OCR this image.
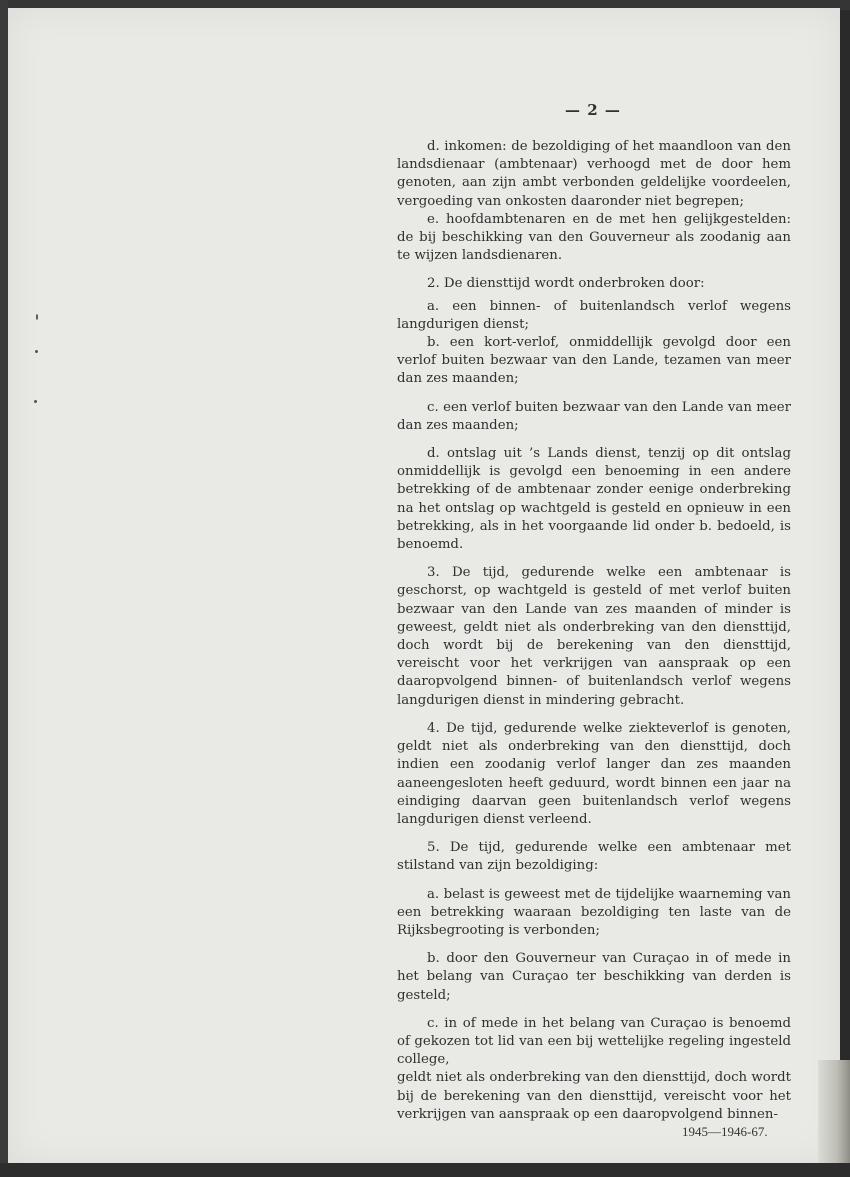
— 2 —

d. inkomen: de bezoldiging of het maandloon van den landsdienaar (ambtenaar) verhoogd met de door hem genoten, aan zijn ambt verbonden geldelijke voordeelen, vergoeding van onkosten daaronder niet begrepen;

e. hoofdambtenaren en de met hen gelijkgestelden: de bij beschikking van den Gouverneur als zoodanig aan te wijzen landsdienaren.

2. De diensttijd wordt onderbroken door:

a. een binnen- of buitenlandsch verlof wegens langdurigen dienst;

b. een kort-verlof, onmiddellijk gevolgd door een verlof buiten bezwaar van den Lande, tezamen van meer dan zes maanden;

c. een verlof buiten bezwaar van den Lande van meer dan zes maanden;

d. ontslag uit ’s Lands dienst, tenzij op dit ontslag onmiddellijk is gevolgd een benoeming in een andere betrekking of de ambtenaar zonder eenige onderbreking na het ontslag op wachtgeld is gesteld en opnieuw in een betrekking, als in het voorgaande lid onder b. bedoeld, is benoemd.

3. De tijd, gedurende welke een ambtenaar is geschorst, op wachtgeld is gesteld of met verlof buiten bezwaar van den Lande van zes maanden of minder is geweest, geldt niet als onderbreking van den diensttijd, doch wordt bij de berekening van den diensttijd, vereischt voor het verkrijgen van aanspraak op een daaropvolgend binnen- of buitenlandsch verlof wegens langdurigen dienst in mindering gebracht.

4. De tijd, gedurende welke ziekteverlof is genoten, geldt niet als onderbreking van den diensttijd, doch indien een zoodanig verlof langer dan zes maanden aaneengesloten heeft geduurd, wordt binnen een jaar na eindiging daarvan geen buitenlandsch verlof wegens langdurigen dienst verleend.

5. De tijd, gedurende welke een ambtenaar met stilstand van zijn bezoldiging:

a. belast is geweest met de tijdelijke waarneming van een betrekking waaraan bezoldiging ten laste van de Rijksbegrooting is verbonden;

b. door den Gouverneur van Curaçao in of mede in het belang van Curaçao ter beschikking van derden is gesteld;

c. in of mede in het belang van Curaçao is benoemd of gekozen tot lid van een bij wettelijke regeling ingesteld college,

geldt niet als onderbreking van den diensttijd, doch wordt bij de berekening van den diensttijd, vereischt voor het verkrijgen van aanspraak op een daaropvolgend binnen-

1945—1946-67.
